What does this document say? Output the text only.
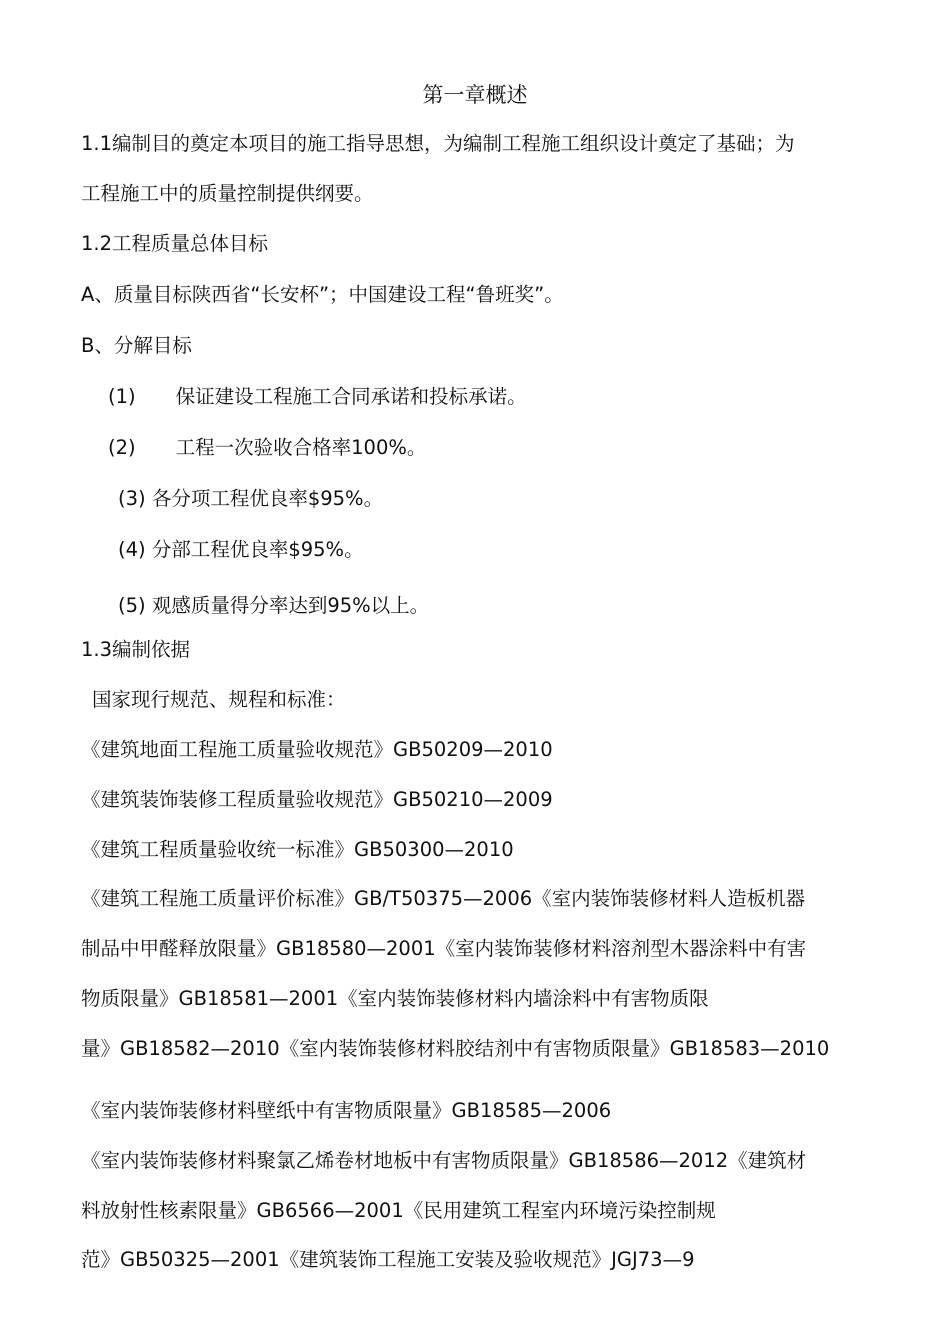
第一章概述
1.1编制目的奠定本项目的施工指导思想，为编制工程施工组织设计奠定了基础；为
工程施工中的质量控制提供纲要。
1.2工程质量总体目标
A、质量目标陕西省“长安杯”；中国建设工程“鲁班奖”。
B、分解目标
(1) 保证建设工程施工合同承诺和投标承诺。
(2) 工程一次验收合格率100%。
(3) 各分项工程优良率$95%。
(4) 分部工程优良率$95%。
(5) 观感质量得分率达到95%以上。
1.3编制依据
国家现行规范、规程和标准：
《建筑地面工程施工质量验收规范》GB50209—2010
《建筑装饰装修工程质量验收规范》GB50210—2009
《建筑工程质量验收统一标准》GB50300—2010
《建筑工程施工质量评价标准》GB/T50375—2006《室内装饰装修材料人造板机器
制品中甲醛释放限量》GB18580—2001《室内装饰装修材料溶剂型木器涂料中有害
物质限量》GB18581—2001《室内装饰装修材料内墙涂料中有害物质限
量》GB18582—2010《室内装饰装修材料胶结剂中有害物质限量》GB18583—2010
《室内装饰装修材料壁纸中有害物质限量》GB18585—2006
《室内装饰装修材料聚氯乙烯卷材地板中有害物质限量》GB18586—2012《建筑材
料放射性核素限量》GB6566—2001《民用建筑工程室内环境污染控制规
范》GB50325—2001《建筑装饰工程施工安装及验收规范》JGJ73—9
